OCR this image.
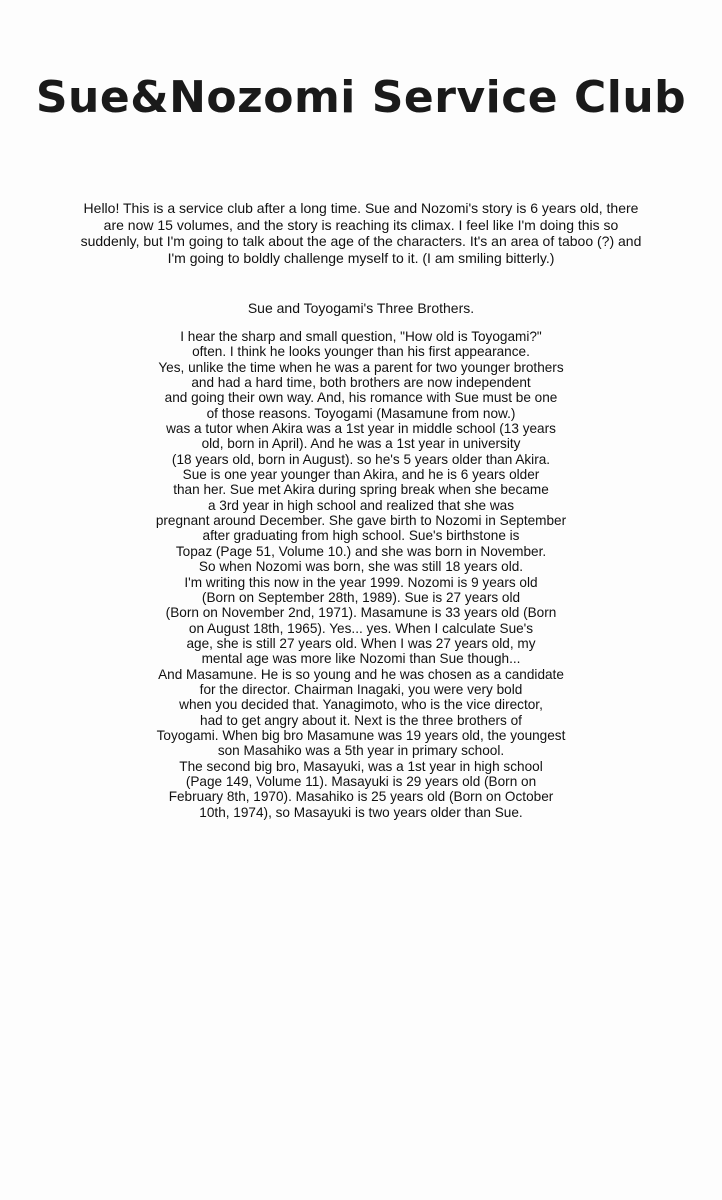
Sue&Nozomi Service Club
Hello! This is a service club after a long time. Sue and Nozomi's story is 6 years old, there are now 15 volumes, and the story is reaching its climax. I feel like I'm doing this so suddenly, but I'm going to talk about the age of the characters. It's an area of taboo (?) and I'm going to boldly challenge myself to it. (I am smiling bitterly.)
Sue and Toyogami's Three Brothers.
I hear the sharp and small question, "How old is Toyogami?"
often. I think he looks younger than his first appearance.
Yes, unlike the time when he was a parent for two younger brothers
and had a hard time, both brothers are now independent
and going their own way. And, his romance with Sue must be one
of those reasons. Toyogami (Masamune from now.)
was a tutor when Akira was a 1st year in middle school (13 years
old, born in April). And he was a 1st year in university
(18 years old, born in August). so he's 5 years older than Akira.
Sue is one year younger than Akira, and he is 6 years older
than her. Sue met Akira during spring break when she became
a 3rd year in high school and realized that she was
pregnant around December. She gave birth to Nozomi in September
after graduating from high school. Sue's birthstone is
Topaz (Page 51, Volume 10.) and she was born in November.
So when Nozomi was born, she was still 18 years old.
I'm writing this now in the year 1999. Nozomi is 9 years old
(Born on September 28th, 1989). Sue is 27 years old
(Born on November 2nd, 1971). Masamune is 33 years old (Born
on August 18th, 1965). Yes... yes. When I calculate Sue's
age, she is still 27 years old. When I was 27 years old, my
mental age was more like Nozomi than Sue though...
And Masamune. He is so young and he was chosen as a candidate
for the director. Chairman Inagaki, you were very bold
when you decided that. Yanagimoto, who is the vice director,
had to get angry about it. Next is the three brothers of
Toyogami. When big bro Masamune was 19 years old, the youngest
son Masahiko was a 5th year in primary school.
The second big bro, Masayuki, was a 1st year in high school
(Page 149, Volume 11). Masayuki is 29 years old (Born on
February 8th, 1970). Masahiko is 25 years old (Born on October
10th, 1974), so Masayuki is two years older than Sue.
